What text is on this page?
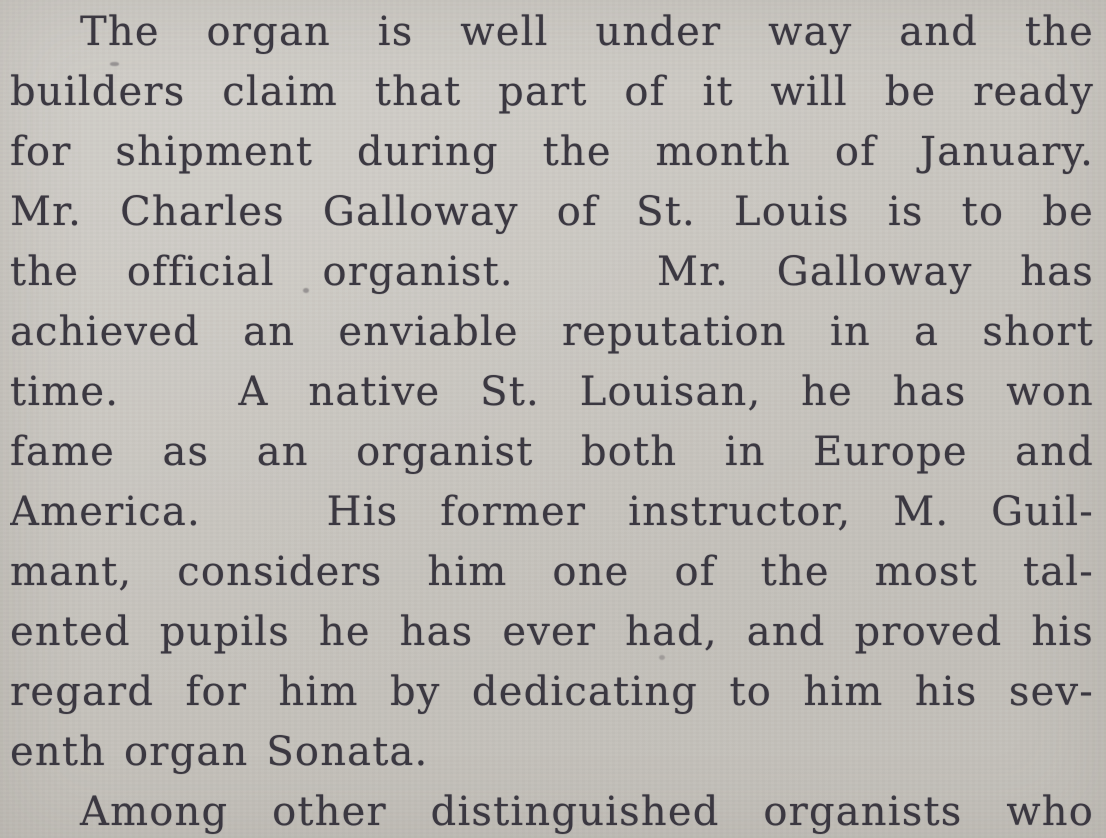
The organ is well under way and the
builders claim that part of it will be ready
for shipment during the month of January.
Mr. Charles Galloway of St. Louis is to be
the official organist.   Mr. Galloway has
achieved an enviable reputation in a short
time.   A native St. Louisan, he has won
fame as an organist both in Europe and
America.   His former instructor, M. Guil-
mant, considers him one of the most tal-
ented pupils he has ever had, and proved his
regard for him by dedicating to him his sev-
enth organ Sonata.
Among other distinguished organists who
